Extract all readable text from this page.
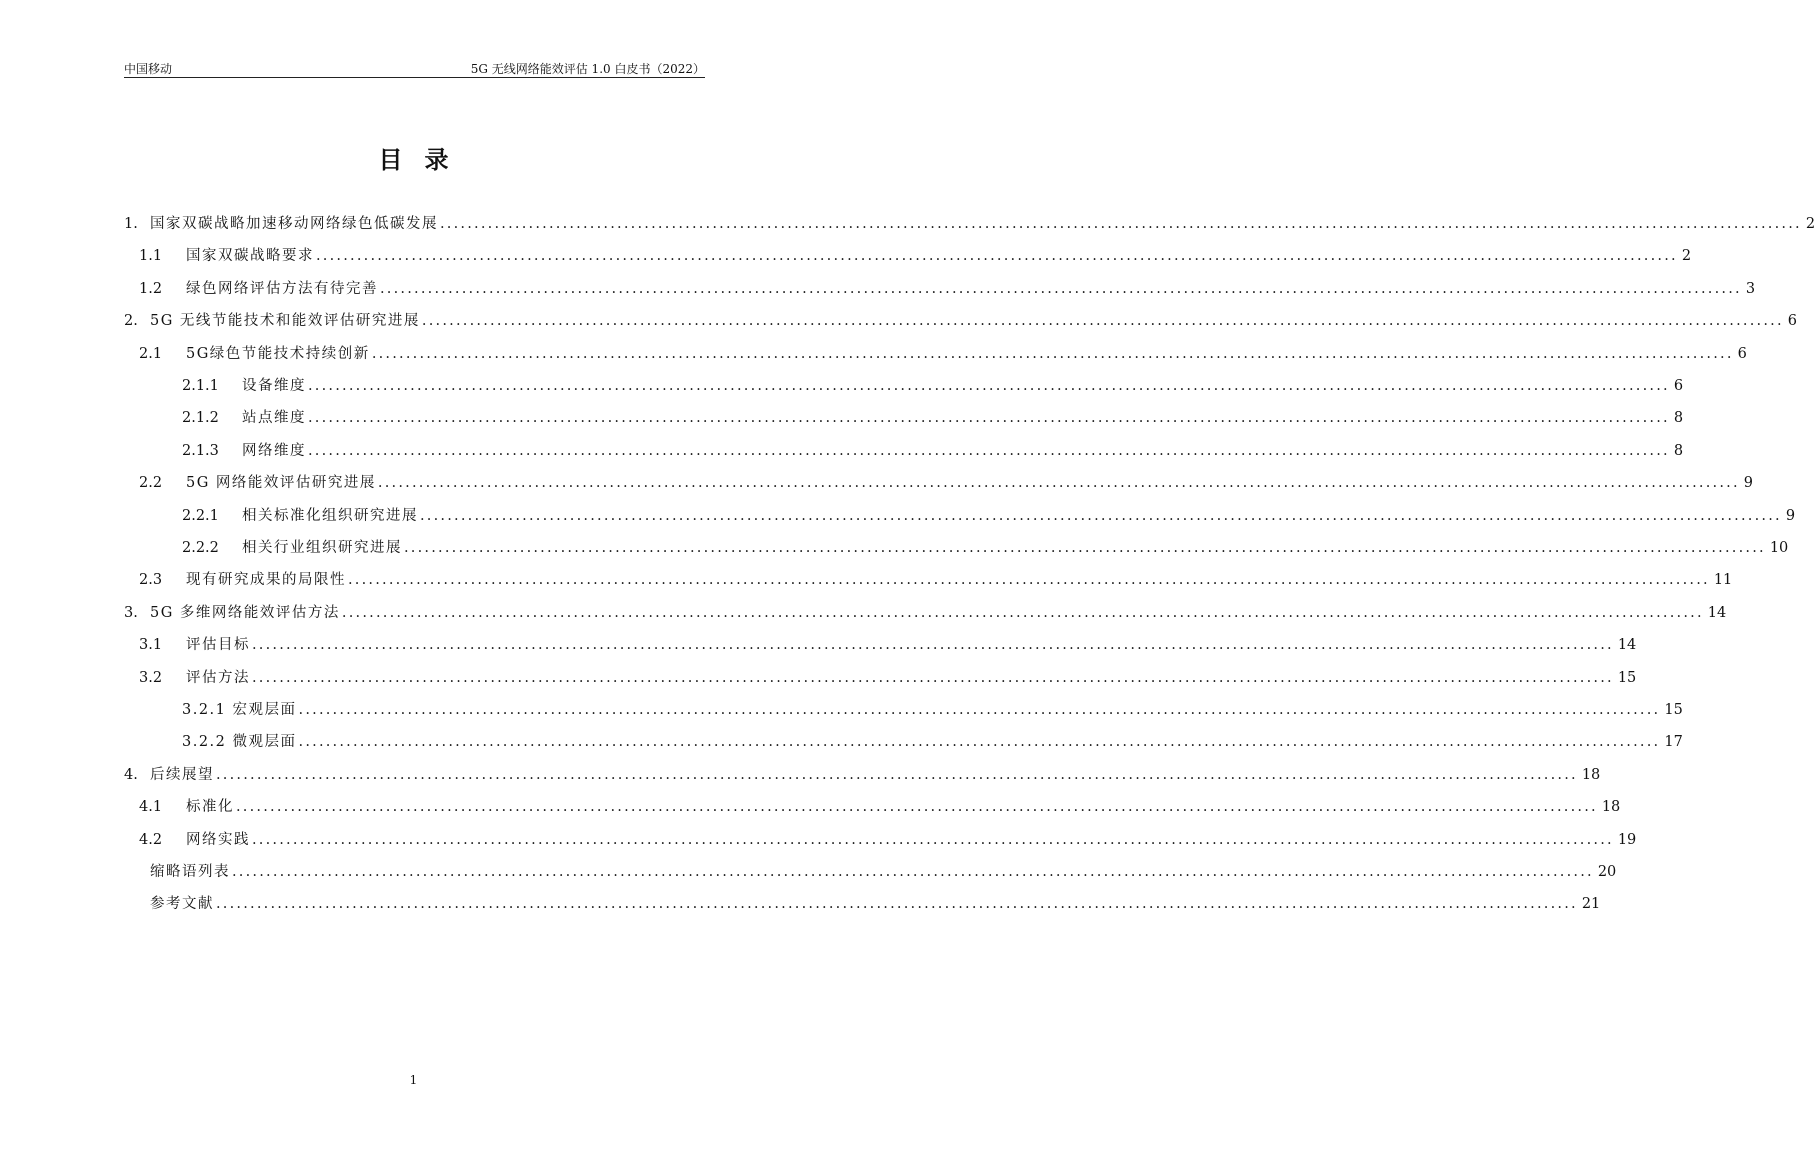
中国移动	5G 无线网络能效评估 1.0 白皮书（2022）
目录
1. 国家双碳战略加速移动网络绿色低碳发展 ........................................................................................................................................................................................................ 2
1.1	国家双碳战略要求 ........................................................................................................................................................................................................ 2
1.2	绿色网络评估方法有待完善 ........................................................................................................................................................................................................ 3
2. 5G 无线节能技术和能效评估研究进展 ........................................................................................................................................................................................................ 6
2.1	5G绿色节能技术持续创新 ........................................................................................................................................................................................................ 6
2.1.1	设备维度 ........................................................................................................................................................................................................ 6
2.1.2	站点维度 ........................................................................................................................................................................................................ 8
2.1.3	网络维度 ........................................................................................................................................................................................................ 8
2.2	5G 网络能效评估研究进展 ........................................................................................................................................................................................................ 9
2.2.1	相关标准化组织研究进展 ........................................................................................................................................................................................................ 9
2.2.2	相关行业组织研究进展 ........................................................................................................................................................................................................ 10
2.3	现有研究成果的局限性 ........................................................................................................................................................................................................ 11
3. 5G 多维网络能效评估方法 ........................................................................................................................................................................................................ 14
3.1	评估目标 ........................................................................................................................................................................................................ 14
3.2	评估方法 ........................................................................................................................................................................................................ 15
3.2.1 宏观层面 ........................................................................................................................................................................................................ 15
3.2.2 微观层面 ........................................................................................................................................................................................................ 17
4. 后续展望 ........................................................................................................................................................................................................ 18
4.1	标准化 ........................................................................................................................................................................................................ 18
4.2	网络实践 ........................................................................................................................................................................................................ 19
缩略语列表 ........................................................................................................................................................................................................ 20
参考文献 ........................................................................................................................................................................................................ 21
1
